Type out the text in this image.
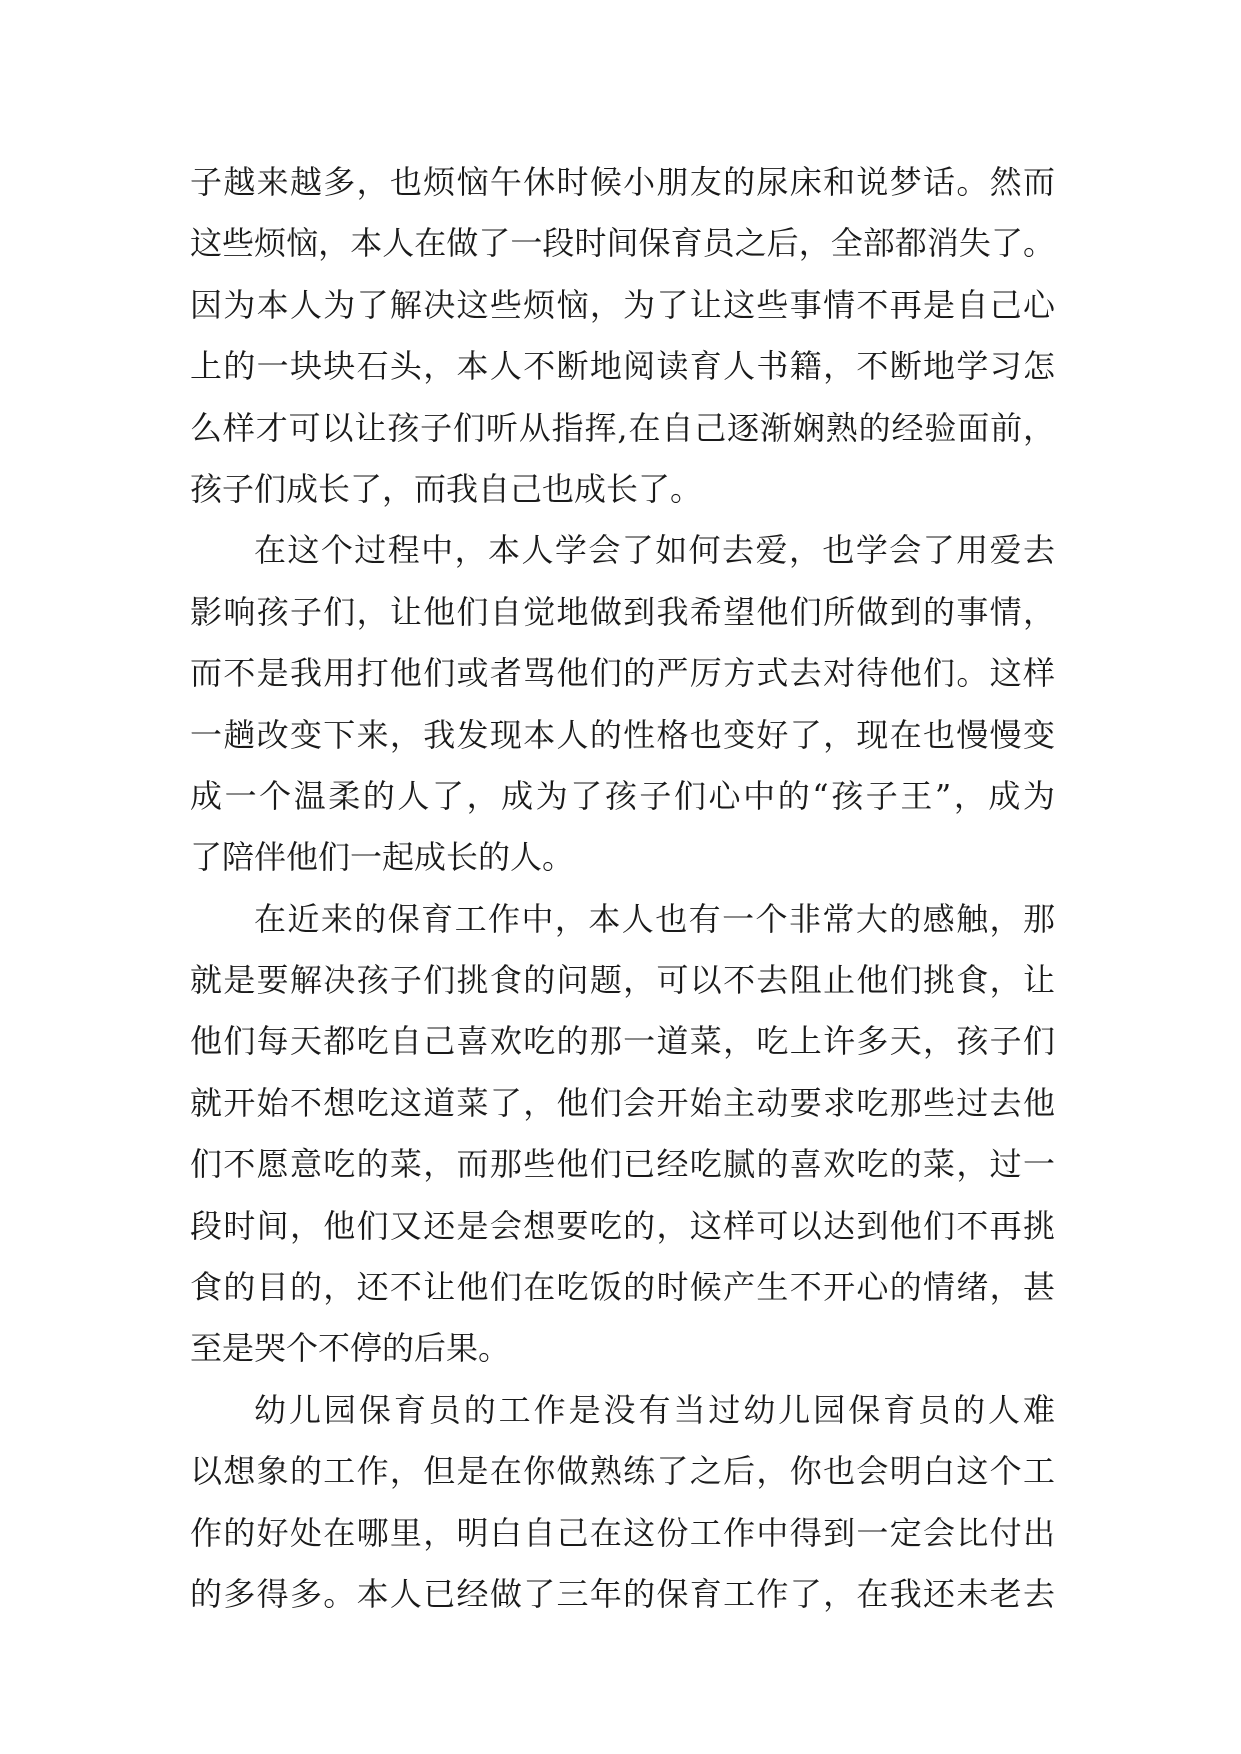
子越来越多，也烦恼午休时候小朋友的尿床和说梦话。然而
这些烦恼，本人在做了一段时间保育员之后，全部都消失了。
因为本人为了解决这些烦恼，为了让这些事情不再是自己心
上的一块块石头，本人不断地阅读育人书籍，不断地学习怎
么样才可以让孩子们听从指挥,在自己逐渐娴熟的经验面前，
孩子们成长了，而我自己也成长了。
在这个过程中，本人学会了如何去爱，也学会了用爱去
影响孩子们，让他们自觉地做到我希望他们所做到的事情，
而不是我用打他们或者骂他们的严厉方式去对待他们。这样
一趟改变下来，我发现本人的性格也变好了，现在也慢慢变
成一个温柔的人了，成为了孩子们心中的“孩子王”，成为
了陪伴他们一起成长的人。
在近来的保育工作中，本人也有一个非常大的感触，那
就是要解决孩子们挑食的问题，可以不去阻止他们挑食，让
他们每天都吃自己喜欢吃的那一道菜，吃上许多天，孩子们
就开始不想吃这道菜了，他们会开始主动要求吃那些过去他
们不愿意吃的菜，而那些他们已经吃腻的喜欢吃的菜，过一
段时间，他们又还是会想要吃的，这样可以达到他们不再挑
食的目的，还不让他们在吃饭的时候产生不开心的情绪，甚
至是哭个不停的后果。
幼儿园保育员的工作是没有当过幼儿园保育员的人难
以想象的工作，但是在你做熟练了之后，你也会明白这个工
作的好处在哪里，明白自己在这份工作中得到一定会比付出
的多得多。本人已经做了三年的保育工作了，在我还未老去
